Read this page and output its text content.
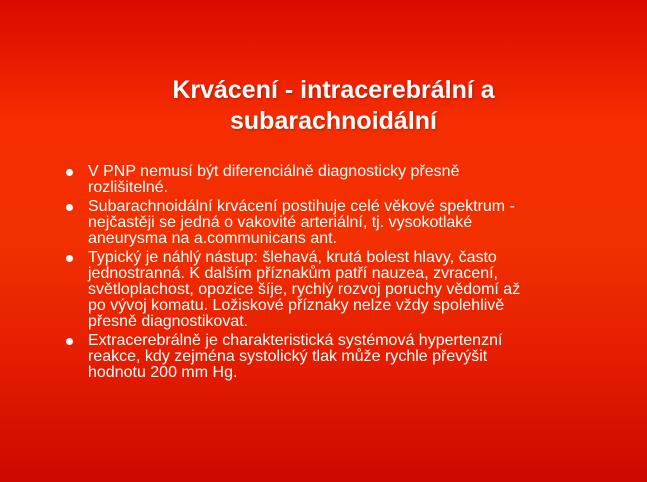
Krvácení - intracerebrální a
subarachnoidální
V PNP nemusí být diferenciálně diagnosticky přesně
rozlišitelné.
Subarachnoidální krvácení postihuje celé věkové spektrum -
nejčastěji se jedná o vakovité arteriální, tj. vysokotlaké
aneurysma na a.communicans ant.
Typický je náhlý nástup: šlehavá, krutá bolest hlavy, často
jednostranná. K dalším příznakům patří nauzea, zvracení,
světloplachost, opozice šíje, rychlý rozvoj poruchy vědomí až
po vývoj komatu. Ložiskové příznaky nelze vždy spolehlivě
přesně diagnostikovat.
Extracerebrálně je charakteristická systémová hypertenzní
reakce, kdy zejména systolický tlak může rychle převýšit
hodnotu 200 mm Hg.
